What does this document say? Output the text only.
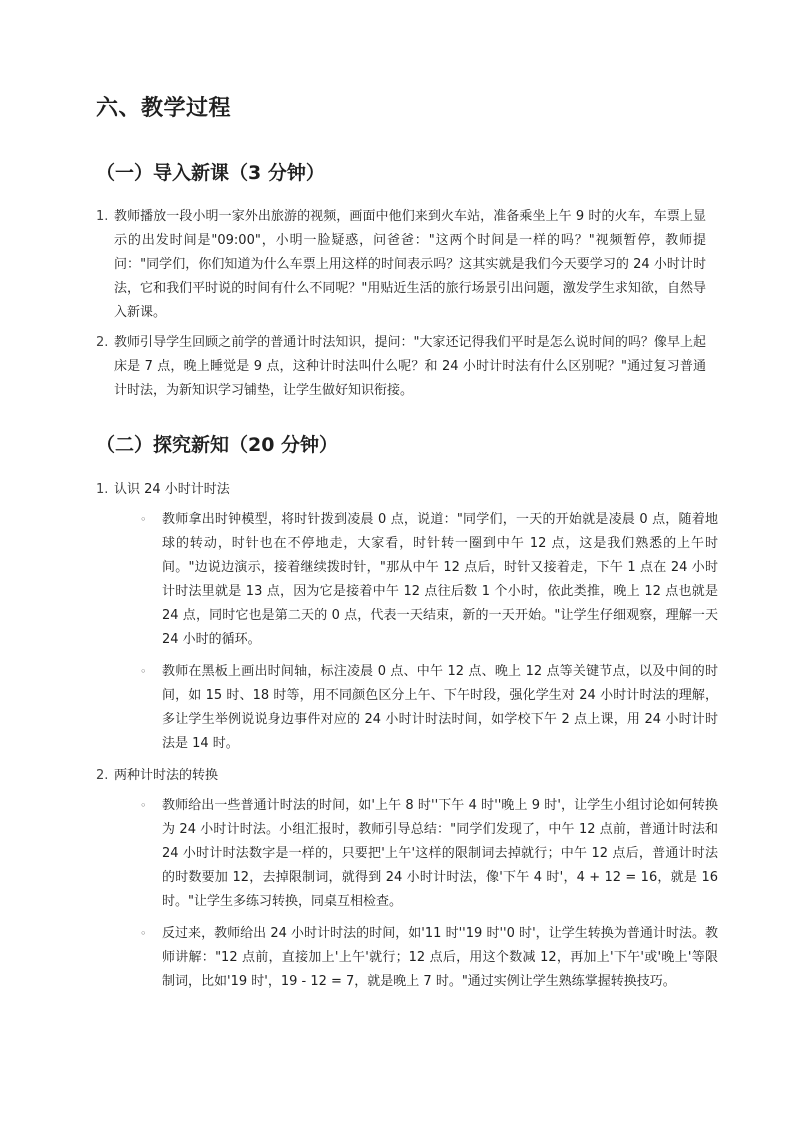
六、教学过程
（一）导入新课（3 分钟）
1. 教师播放一段小明一家外出旅游的视频，画面中他们来到火车站，准备乘坐上午 9 时的火车，车票上显示的出发时间是"09:00"，小明一脸疑惑，问爸爸："这两个时间是一样的吗？"视频暂停，教师提问："同学们，你们知道为什么车票上用这样的时间表示吗？这其实就是我们今天要学习的 24 小时计时法，它和我们平时说的时间有什么不同呢？"用贴近生活的旅行场景引出问题，激发学生求知欲，自然导入新课。
2. 教师引导学生回顾之前学的普通计时法知识，提问："大家还记得我们平时是怎么说时间的吗？像早上起床是 7 点，晚上睡觉是 9 点，这种计时法叫什么呢？和 24 小时计时法有什么区别呢？"通过复习普通计时法，为新知识学习铺垫，让学生做好知识衔接。
（二）探究新知（20 分钟）
1. 认识 24 小时计时法
◦ 教师拿出时钟模型，将时针拨到凌晨 0 点，说道："同学们，一天的开始就是凌晨 0 点，随着地球的转动，时针也在不停地走，大家看，时针转一圈到中午 12 点，这是我们熟悉的上午时间。"边说边演示，接着继续拨时针，"那从中午 12 点后，时针又接着走，下午 1 点在 24 小时计时法里就是 13 点，因为它是接着中午 12 点往后数 1 个小时，依此类推，晚上 12 点也就是 24 点，同时它也是第二天的 0 点，代表一天结束，新的一天开始。"让学生仔细观察，理解一天 24 小时的循环。
◦ 教师在黑板上画出时间轴，标注凌晨 0 点、中午 12 点、晚上 12 点等关键节点，以及中间的时间，如 15 时、18 时等，用不同颜色区分上午、下午时段，强化学生对 24 小时计时法的理解，多让学生举例说说身边事件对应的 24 小时计时法时间，如学校下午 2 点上课，用 24 小时计时法是 14 时。
2. 两种计时法的转换
◦ 教师给出一些普通计时法的时间，如'上午 8 时''下午 4 时''晚上 9 时'，让学生小组讨论如何转换为 24 小时计时法。小组汇报时，教师引导总结："同学们发现了，中午 12 点前，普通计时法和 24 小时计时法数字是一样的，只要把'上午'这样的限制词去掉就行；中午 12 点后，普通计时法的时数要加 12，去掉限制词，就得到 24 小时计时法，像'下午 4 时'，4 + 12 = 16，就是 16 时。"让学生多练习转换，同桌互相检查。
◦ 反过来，教师给出 24 小时计时法的时间，如'11 时''19 时''0 时'，让学生转换为普通计时法。教师讲解："12 点前，直接加上'上午'就行；12 点后，用这个数减 12，再加上'下午'或'晚上'等限制词，比如'19 时'，19 - 12 = 7，就是晚上 7 时。"通过实例让学生熟练掌握转换技巧。
